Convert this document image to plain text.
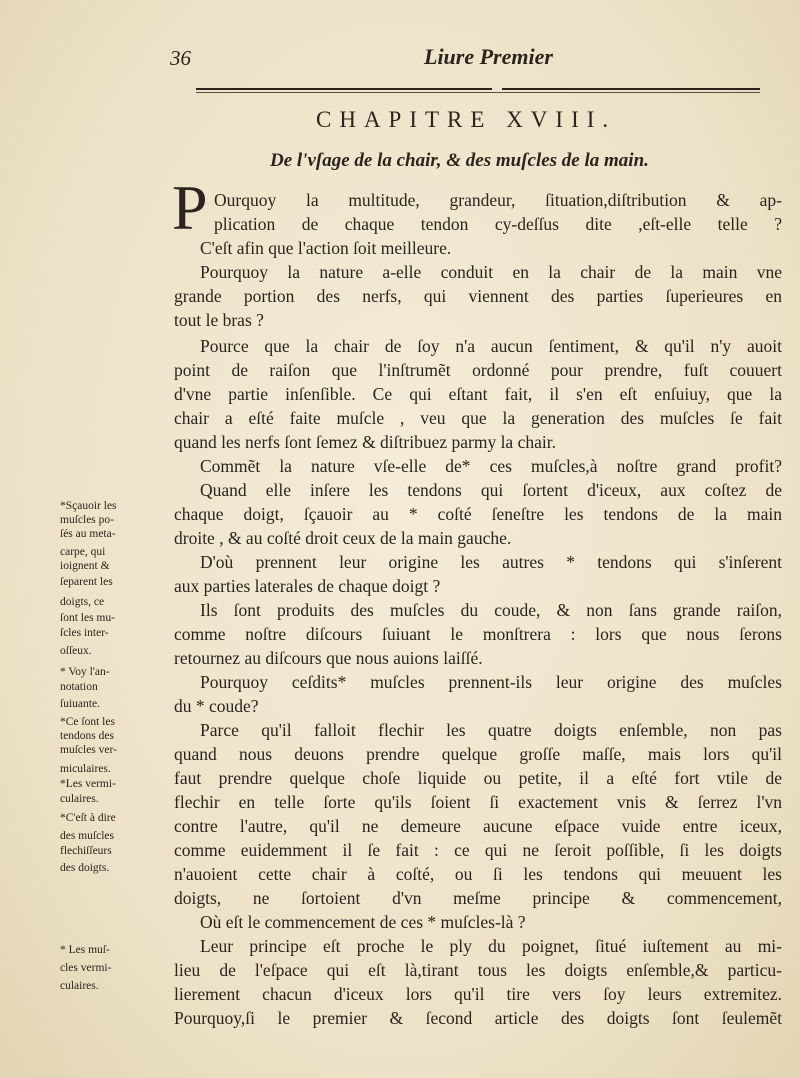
36	Liure Premier
CHAPITRE XVIII.
De l'vſage de la chair, & des muſcles de la main.
P Ourquoy la multitude, grandeur, ſituation,diſtribution & ap-
plication de chaque tendon cy-deſſus dite ,eſt-elle telle ?
C'eſt afin que l'action ſoit meilleure.
Pourquoy la nature a-elle conduit en la chair de la main vne
grande portion des nerfs, qui viennent des parties ſuperieures en
tout le bras ?
Pource que la chair de ſoy n'a aucun ſentiment, & qu'il n'y auoit
point de raiſon que l'inſtrumẽt ordonné pour prendre, fuſt couuert
d'vne partie inſenſible. Ce qui eſtant fait, il s'en eſt enſuiuy, que la
chair a eſté faite muſcle , veu que la generation des muſcles ſe fait
quand les nerfs ſont ſemez & diſtribuez parmy la chair.
Commẽt la nature vſe-elle de* ces muſcles,à noſtre grand profit?
Quand elle inſere les tendons qui ſortent d'iceux, aux coſtez de
chaque doigt, ſçauoir au * coſté ſeneſtre les tendons de la main
droite , & au coſté droit ceux de la main gauche.
D'où prennent leur origine les autres * tendons qui s'inſerent
aux parties laterales de chaque doigt ?
Ils ſont produits des muſcles du coude, & non ſans grande raiſon,
comme noſtre diſcours ſuiuant le monſtrera : lors que nous ſerons
retournez au diſcours que nous auions laiſſé.
Pourquoy ceſdits* muſcles prennent-ils leur origine des muſcles
du * coude?
Parce qu'il falloit flechir les quatre doigts enſemble, non pas
quand nous deuons prendre quelque groſſe maſſe, mais lors qu'il
faut prendre quelque choſe liquide ou petite, il a eſté fort vtile de
flechir en telle ſorte qu'ils ſoient ſi exactement vnis & ſerrez l'vn
contre l'autre, qu'il ne demeure aucune eſpace vuide entre iceux,
comme euidemment il ſe fait : ce qui ne ſeroit poſſible, ſi les doigts
n'auoient cette chair à coſté, ou ſi les tendons qui meuuent les
doigts, ne ſortoient d'vn meſme principe & commencement,
Où eſt le commencement de ces * muſcles-là ?
Leur principe eſt proche le ply du poignet, ſitué iuſtement au mi-
lieu de l'eſpace qui eſt là,tirant tous les doigts enſemble,& particu-
lierement chacun d'iceux lors qu'il tire vers ſoy leurs extremitez.
Pourquoy,ſi le premier & ſecond article des doigts ſont ſeulemẽt
*Sçauoir les
muſcles po-
ſés au meta-
carpe, qui
ioignent &
ſeparent les
doigts, ce
ſont les mu-
ſcles inter-
oſſeux.
* Voy l'an-
notation
ſuiuante.
*Ce ſont les
tendons des
muſcles ver-
miculaires.
*Les vermi-
culaires.
*C'eſt à dire
des muſcles
flechiſſeurs
des doigts.
* Les muſ-
cles vermi-
culaires.
